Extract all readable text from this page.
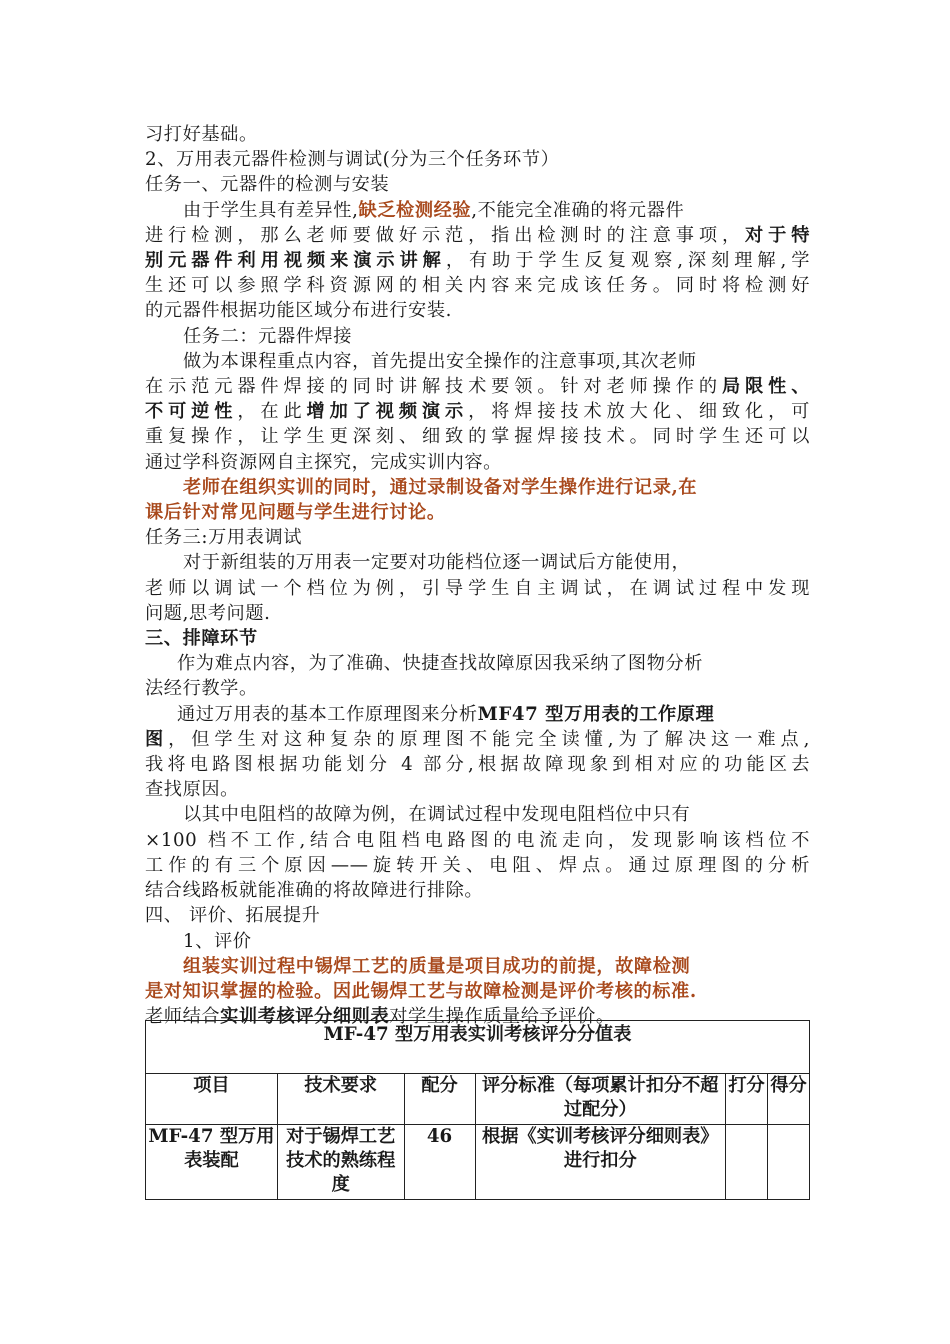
习打好基础。
2、万用表元器件检测与调试(分为三个任务环节）
任务一、元器件的检测与安装
由于学生具有差异性,缺乏检测经验,不能完全准确的将元器件
进行检测，那么老师要做好示范，指出检测时的注意事项，对于特
别元器件利用视频来演示讲解，有助于学生反复观察,深刻理解,学
生还可以参照学科资源网的相关内容来完成该任务。同时将检测好
的元器件根据功能区域分布进行安装.
任务二：元器件焊接
做为本课程重点内容，首先提出安全操作的注意事项,其次老师
在示范元器件焊接的同时讲解技术要领。针对老师操作的局限性、
不可逆性，在此增加了视频演示，将焊接技术放大化、细致化，可
重复操作，让学生更深刻、细致的掌握焊接技术。同时学生还可以
通过学科资源网自主探究，完成实训内容。
老师在组织实训的同时，通过录制设备对学生操作进行记录,在
课后针对常见问题与学生进行讨论。
任务三:万用表调试
对于新组装的万用表一定要对功能档位逐一调试后方能使用，
老师以调试一个档位为例，引导学生自主调试，在调试过程中发现
问题,思考问题.
三、排障环节
作为难点内容，为了准确、快捷查找故障原因我采纳了图物分析
法经行教学。
通过万用表的基本工作原理图来分析MF47 型万用表的工作原理
图，但学生对这种复杂的原理图不能完全读懂,为了解决这一难点,
我将电路图根据功能划分 4 部分,根据故障现象到相对应的功能区去
查找原因。
以其中电阻档的故障为例，在调试过程中发现电阻档位中只有
×100 档不工作,结合电阻档电路图的电流走向，发现影响该档位不
工作的有三个原因——旋转开关、电阻、焊点。通过原理图的分析
结合线路板就能准确的将故障进行排除。
四、 评价、拓展提升
1、评价
组装实训过程中锡焊工艺的质量是项目成功的前提，故障检测
是对知识掌握的检验。因此锡焊工艺与故障检测是评价考核的标准.
老师结合实训考核评分细则表对学生操作质量给予评价。
MF-47 型万用表实训考核评分分值表					
项目	技术要求	配分	评分标准（每项累计扣分不超过配分）	打分	得分
MF-47 型万用表装配	对于锡焊工艺技术的熟练程度	46	根据《实训考核评分细则表》进行扣分		
